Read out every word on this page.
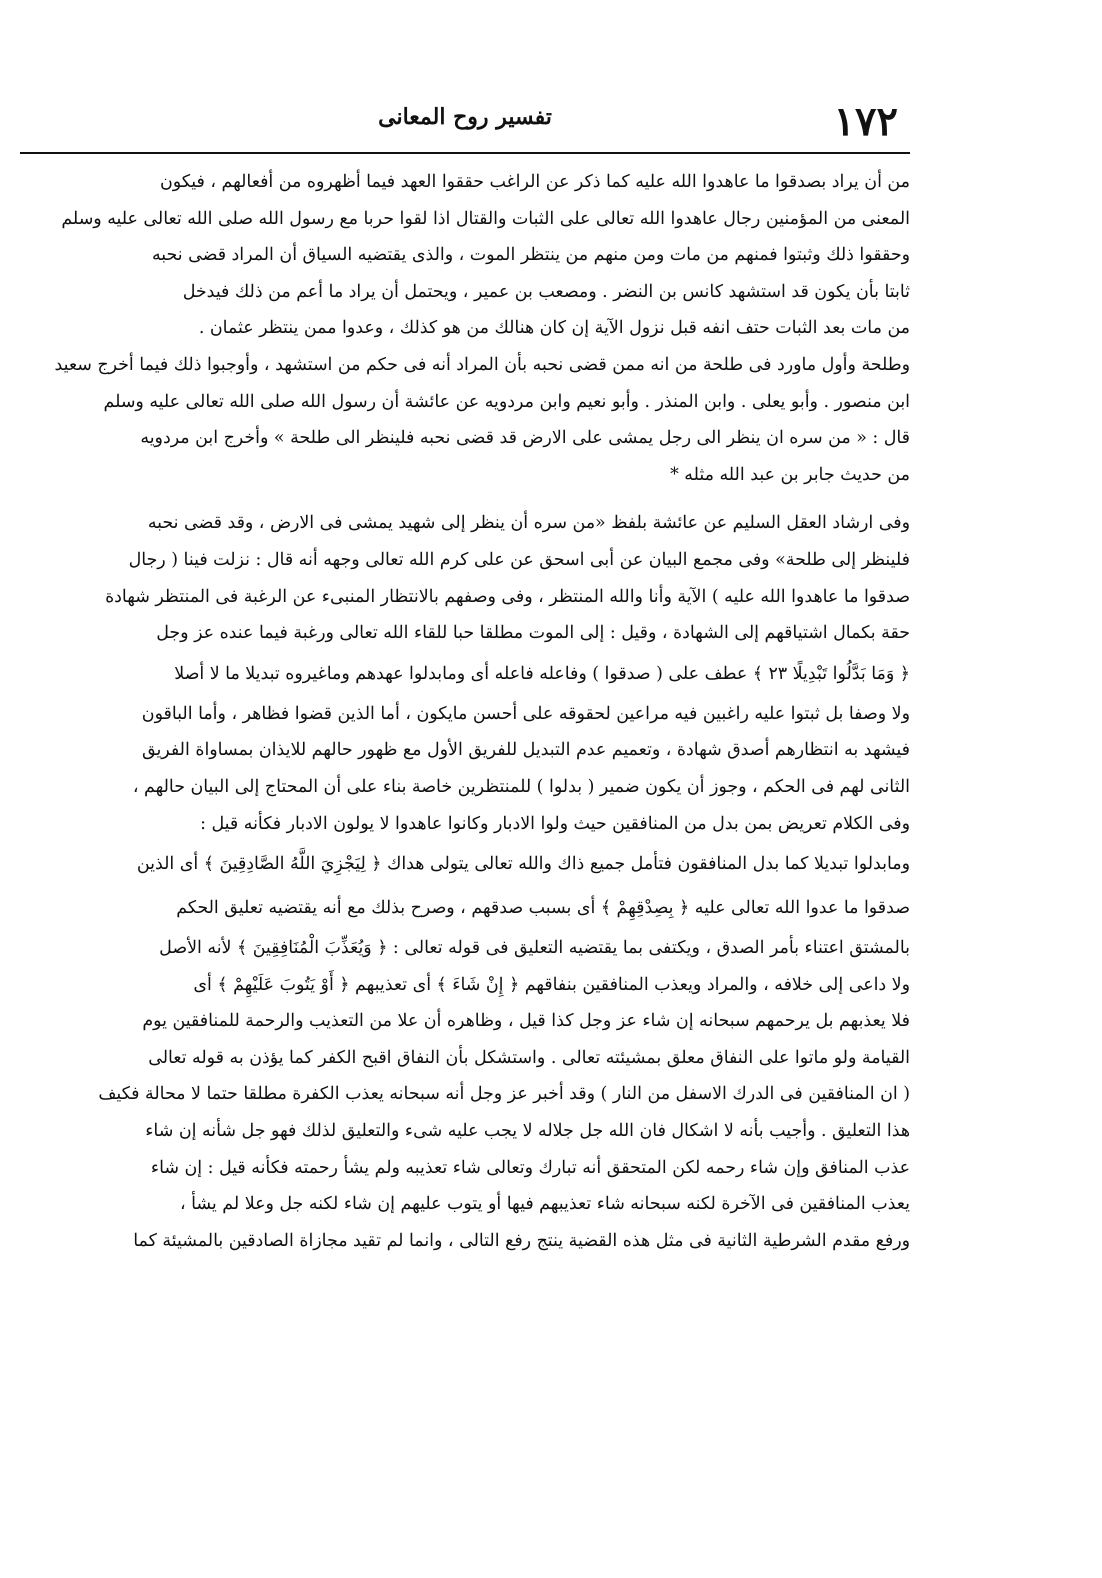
١٧٢
تفسير روح المعانى
من أن يراد بصدقوا ما عاهدوا الله عليه كما ذكر عن الراغب حققوا العهد فيما أظهروه من أفعالهم ، فيكون
المعنى من المؤمنين رجال عاهدوا الله تعالى على الثبات والقتال اذا لقوا حربا مع رسول الله صلى الله تعالى عليه وسلم
وحققوا ذلك وثبتوا فمنهم من مات ومن منهم من ينتظر الموت ، والذى يقتضيه السياق أن المراد قضى نحبه
ثابتا بأن يكون قد استشهد كانس بن النضر . ومصعب بن عمير ، ويحتمل أن يراد ما أعم من ذلك فيدخل
من مات بعد الثبات حتف انفه قبل نزول الآية إن كان هنالك من هو كذلك ، وعدوا ممن ينتظر عثمان .
وطلحة وأول ماورد فى طلحة من انه ممن قضى نحبه بأن المراد أنه فى حكم من استشهد ، وأوجبوا ذلك فيما أخرج سعيد
ابن منصور . وأبو يعلى . وابن المنذر . وأبو نعيم وابن مردويه عن عائشة أن رسول الله صلى الله تعالى عليه وسلم
قال : « من سره ان ينظر الى رجل يمشى على الارض قد قضى نحبه فلينظر الى طلحة » وأخرج ابن مردويه
من حديث جابر بن عبد الله مثله *
وفى ارشاد العقل السليم عن عائشة بلفظ «من سره أن ينظر إلى شهيد يمشى فى الارض ، وقد قضى نحبه
فلينظر إلى طلحة» وفى مجمع البيان عن أبى اسحق عن على كرم الله تعالى وجهه أنه قال : نزلت فينا ( رجال
صدقوا ما عاهدوا الله عليه ) الآية وأنا والله المنتظر ، وفى وصفهم بالانتظار المنبىء عن الرغبة فى المنتظر شهادة
حقة بكمال اشتياقهم إلى الشهادة ، وقيل : إلى الموت مطلقا حبا للقاء الله تعالى ورغبة فيما عنده عز وجل
﴿ وَمَا بَدَّلُوا تَبْدِيلًا ٢٣ ﴾ عطف على ( صدقوا ) وفاعله فاعله أى ومابدلوا عهدهم وماغيروه تبديلا ما لا أصلا
ولا وصفا بل ثبتوا عليه راغبين فيه مراعين لحقوقه على أحسن مايكون ، أما الذين قضوا فظاهر ، وأما الباقون
فيشهد به انتظارهم أصدق شهادة ، وتعميم عدم التبديل للفريق الأول مع ظهور حالهم للايذان بمساواة الفريق
الثانى لهم فى الحكم ، وجوز أن يكون ضمير ( بدلوا ) للمنتظرين خاصة بناء على أن المحتاج إلى البيان حالهم ،
وفى الكلام تعريض بمن بدل من المنافقين حيث ولوا الادبار وكانوا عاهدوا لا يولون الادبار فكأنه قيل :
ومابدلوا تبديلا كما بدل المنافقون فتأمل جميع ذاك والله تعالى يتولى هداك ﴿ لِيَجْزِيَ اللَّهُ الصَّادِقِينَ ﴾ أى الذين
صدقوا ما عدوا الله تعالى عليه ﴿ بِصِدْقِهِمْ ﴾ أى بسبب صدقهم ، وصرح بذلك مع أنه يقتضيه تعليق الحكم
بالمشتق اعتناء بأمر الصدق ، ويكتفى بما يقتضيه التعليق فى قوله تعالى : ﴿ وَيُعَذِّبَ الْمُنَافِقِينَ ﴾ لأنه الأصل
ولا داعى إلى خلافه ، والمراد ويعذب المنافقين بنفاقهم ﴿ إِنْ شَاءَ ﴾ أى تعذيبهم ﴿ أَوْ يَتُوبَ عَلَيْهِمْ ﴾ أى
فلا يعذبهم بل يرحمهم سبحانه إن شاء عز وجل كذا قيل ، وظاهره أن علا من التعذيب والرحمة للمنافقين يوم
القيامة ولو ماتوا على النفاق معلق بمشيئته تعالى . واستشكل بأن النفاق اقبح الكفر كما يؤذن به قوله تعالى
( ان المنافقين فى الدرك الاسفل من النار ) وقد أخبر عز وجل أنه سبحانه يعذب الكفرة مطلقا حتما لا محالة فكيف
هذا التعليق . وأجيب بأنه لا اشكال فان الله جل جلاله لا يجب عليه شىء والتعليق لذلك فهو جل شأنه إن شاء
عذب المنافق وإن شاء رحمه لكن المتحقق أنه تبارك وتعالى شاء تعذيبه ولم يشأ رحمته فكأنه قيل : إن شاء
يعذب المنافقين فى الآخرة لكنه سبحانه شاء تعذيبهم فيها أو يتوب عليهم إن شاء لكنه جل وعلا لم يشأ ،
ورفع مقدم الشرطية الثانية فى مثل هذه القضية ينتج رفع التالى ، وانما لم تقيد مجازاة الصادقين بالمشيئة كما
